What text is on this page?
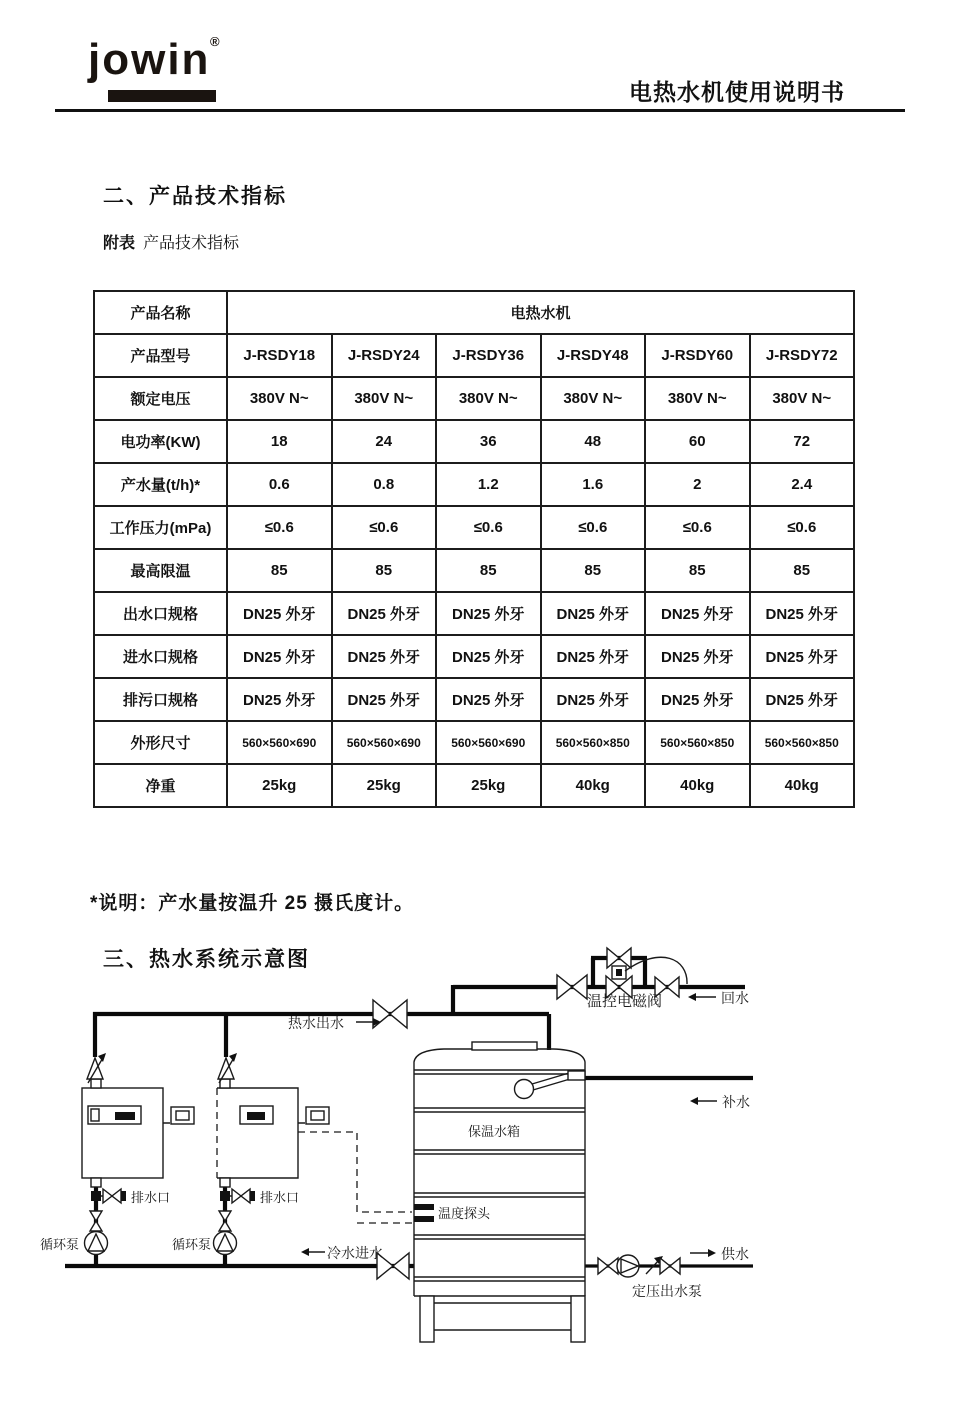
jowin ®
电热水机使用说明书
二、产品技术指标
附表 产品技术指标
产品名称	电热水机					
产品型号	J-RSDY18	J-RSDY24	J-RSDY36	J-RSDY48	J-RSDY60	J-RSDY72
额定电压	380V N~	380V N~	380V N~	380V N~	380V N~	380V N~
电功率(KW)	18	24	36	48	60	72
产水量(t/h)*	0.6	0.8	1.2	1.6	2	2.4
工作压力(mPa)	≤0.6	≤0.6	≤0.6	≤0.6	≤0.6	≤0.6
最高限温	85	85	85	85	85	85
出水口规格	DN25 外牙	DN25 外牙	DN25 外牙	DN25 外牙	DN25 外牙	DN25 外牙
进水口规格	DN25 外牙	DN25 外牙	DN25 外牙	DN25 外牙	DN25 外牙	DN25 外牙
排污口规格	DN25 外牙	DN25 外牙	DN25 外牙	DN25 外牙	DN25 外牙	DN25 外牙
外形尺寸	560×560×690	560×560×690	560×560×690	560×560×850	560×560×850	560×560×850
净重	25kg	25kg	25kg	40kg	40kg	40kg
*说明：产水量按温升 25 摄氏度计。
三、热水系统示意图
热水出水
温控电磁阀	回水
补水
保温水箱
温度探头
排水口	排水口
循环泵	循环泵
冷水进水	供水
定压出水泵
